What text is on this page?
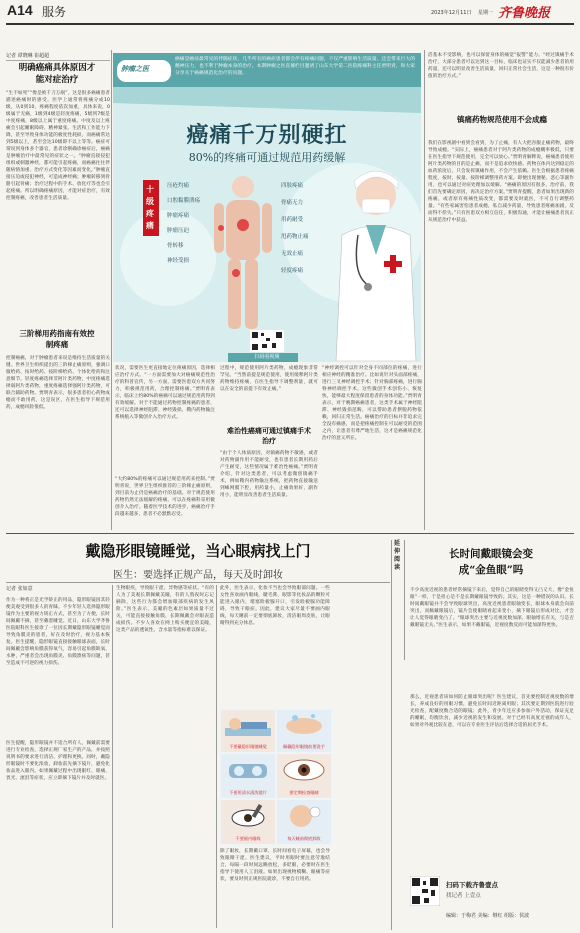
A14 服务	2023年12月11日 星期一 齐鲁晚报
记者 谭晓琳 崔超超
明确癌痛具体原因才能对症治疗
“生不如死”“像是被千刀万剐”，这是很多癌痛患者描述癌痛时的感受。医学上通常将疼痛分成10级，从0到10，疼痛程度依次加重，具体来说，0级属于无痛，1级到4级是轻度疼痛，5级到7级是中度疼痛，8级以上属于重度疼痛。中度及以上疼痛会引起睡眠障碍、精神紧张、生活和工作能力下降，甚至导致身体功能的极度性耗损，而癌痛常达到5级以上，甚至会达10级即不以上等等。癌症可谓说到身体多个器官，患者诊断确诊癌症后，癌痛是肿瘤治疗中最常见的症状之一。“肿瘤直接侵犯组织或刺激神经，都可能引起疼痛，而癌痛往往伴随病情加重、治疗方式变化等因素而变化。”肿瘤直接压迫或侵犯神经，可造成神经痛；肿瘤转移到骨骼引起骨痛；治疗过程中的手术、放化疗等也会引起疼痛。所以明确疼痛原因，才能对症治疗，有效控制疼痛，改善患者生活质量。
三阶梯用药指南有效控制疼痛
控制癌痛，对于肿瘤患者来说是维持生活质量的关键。世界卫生组织提出的三阶梯止痛原则，强调口服给药、按时给药、按阶梯给药、个体化给药和注意细节。轻度疼痛选择非阿片类药物，中度疼痛选择弱阿片类药物，重度疼痛选择强阿片类药物，可联合辅助药物。贾明青表示，很多患者担心药物成瘾而不敢用药，这是误区，在医生指导下规范用药，成瘾风险很低。
肿瘤之医
癌痛是癌症最常见的伴随症状，几乎所有的癌症患者都会伴有疼痛问题，不仅严重影响生活质量，还会带来巨大的精神压力，也不利于肿瘤本身的治疗。本期肿瘤之医直播栏目邀请了山东大学第二医院疼痛科主任贾明青，和大家分享关于癌痛规范化治疗的问题。
癌痛千万别硬扛
80%的疼痛可通过规范用药缓解
十级疼痛
压疮灼痛
口腔黏膜溃疡
肿瘤疼痛
肿瘤压迫
骨转移
神经受损
四肢疼痛
骨痛无力
用药耐受
甩药物止痛
无效止痛
轻度疼痛
扫码看视频
状况，需要医生更直接地定位疼痛原因，选择相应治疗方式。“一方面需要加大对癌痛规范性治疗的科普宣传，另一方面，需要医患双方共同努力，积极规范用药，合理控制疼痛。”贾明青表示，临床上约80%的癌痛可以通过规范用药得到有效缓解。对于不能通过药物控制疼痛的患者，还可以选择神经阻滞、神经毁损、鞘内药物输注系统植入等微创介入治疗方式。
“大约80%的疼痛可以通过规范用药来控制。”贾明青说，世界卫生组织推荐的三阶梯止痛原则，到目前为止仍是癌痛治疗的基础。对于规范使用药物仍然无法缓解的疼痛，可以在疼痛科采用微创介入治疗。随着医学技术的进步，癌痛治疗手段越来越多，患者不必默默忍受。
过程中，规范使用阿片类药物，成瘾现象非常罕见。“当然前提是规范使用，使用缓释阿片类药物维持疼痛，在医生指导下调整剂量，就可以在安全的前提下有效止痛。”
难治性癌痛可通过镇痛手术治疗
“由于个人体质原因，对镇痛药物不敏感，或者对药物副作用不能耐受，也有患者长期用药后产生耐受，这些情况属于难治性癌痛。”贾明青介绍，针对这类患者，可以考虑微创镇痛手术，例如鞘内药物输注系统，把药物直接输送到蛛网膜下腔，用药量小，止痛效果好，副作用小，能明显改善患者生活质量。
“神经调控可以针对全身不同部位的疼痛，进行相应神经的精准治疗。比如说针对头面部疼痛，进行三叉神经调控手术；针对胸部疼痛，进行胸脊神经调控手术。这些微创手术创伤小、恢复快，能够最大程度保留患者的身体功能。”贾明青表示，对于晚期癌痛患者，这类手术属于神经阻滞、神经毁损范畴，可以帮助患者摆脱药物依赖，回归正常生活。癌痛治疗的目标并非追求完全没有痛感，而是把疼痛控制在可以耐受的范围之内，让患者有尊严地生活，这才是癌痛规范化治疗的意义所在。
活基本不受影响，也可以保留身体的痛觉“报警”能力。“经过镇痛手术治疗，大部分患者可以达到这一目标，临床也证实不仅能减少患者的用药量，还可以明显改善生活质量，回归正常社会生活，这是一种很有价值的治疗方式。”
镇痛药物规范使用不会成瘾
我们在影视剧中看到会看到，为了止痛，有人大把吞服止痛药物，最终导致成瘾。“实际上，癌痛患者对于阿片类药物的成瘾概率极低，只要在医生指导下规范使用，完全可以放心。”贾明青解释说，癌痛患者使用阿片类药物的目的是止痛，而不是追求欣快感。药物在体内达到稳定的血药浓度后，只会发挥镇痛作用，不会产生依赖。医生会根据患者疼痛程度，按时、按量、按阶梯调整用药方案。即便出现便秘、恶心等副作用，也可以通过对症处理加以缓解。“癌痛的原因有很多，治疗前，我们首先要确定原因，再决定治疗方案。”贾明青提醒，患者如果出现新的疼痛，或者原有疼痛性质改变，都需要及时就医，不可自行调整药量。“有些家属害怕患者成瘾，私自减少药量，导致患者疼痛加剧，反而得不偿失。”只有医患双方相互信任，积极沟通，才能让癌痛患者真正从规范治疗中获益。
戴隐形眼镜睡觉，当心眼病找上门
医生：要选择正规产品，每天及时卸妆
记者 张如意
作为一种将正是光学矫正的用品，隐形眼镜因其轻便美观受到很多人的青睐。不少年轻人选择隐形眼镜作为主要的视力矫正方式，甚至为了方便，长时间佩戴不摘，甚至戴着睡觉。近日，山东大学齐鲁医院眼科医生接诊了一位因长期戴隐形眼镜睡觉而导致角膜炎的患者，好在及时治疗，视力基本恢复。医生提醒，隐形眼镜直接接触眼球表面，长时间佩戴会影响角膜获得氧气，容易引起角膜缺氧、水肿，严重者会出现角膜炎、角膜溃疡等问题，甚至造成不可逆的视力损伤。
医生提醒，隐形眼镜并不适合所有人，佩戴前需要进行专业检查，选择正规厂家生产的产品，并按照说明书的要求进行清洁、护理和更换。同时，戴隐形眼镜时不要化浓妆，卸妆前先摘下镜片，避免化妆品进入眼内。如果佩戴过程中出现眼红、眼痛、畏光、流泪等症状，应立即摘下镜片并及时就医。
生物眼疾，导致眼干涩、异物感等症状。“有的人为了美观长期佩戴美瞳，有的人熬夜时忘记摘除，这些行为都会增加眼部疾病的发生风险。”医生表示，美瞳的色素层如果质量不过关，可能直接接触角膜，长期佩戴会对眼表造成损伤。不少人喜欢在网上购买便宜的美瞳，这类产品的透氧性、含水量等指标难以保证。
此外，医生表示，化妆不当也会导致眼部问题。一些女性喜欢画内眼线，睫毛膏、眼影等化妆品的颗粒可能进入眼内，堵塞睑板腺开口，引发睑板腺功能障碍，导致干眼症。因此，建议大家尽量不要画内眼线，每天睡前一定要彻底卸妆，清洁眼周皮肤，让眼睛得到充分休息。
不要戴隐形眼镜睡觉	佩戴隐形眼镜前要洗手
不要用清水清洗镜片	要定期检查眼睛
不要画内眼线	每天睡前彻底卸妆
除了眼妆，长期戴口罩、长时间看电子屏幕，也会导致眼睛干涩。医生建议，平时用眼时要注意劳逸结合，每隔一段时间远眺放松，多眨眼，必要时在医生指导下使用人工泪液。如果出现视物模糊、眼痛等症状，要及时到正规医院就诊，不要自行用药。
延伸阅读
长时间戴眼镜会变成“金鱼眼”吗
不少高度近视的患者经常摘镜下来后，觉得自己的眼睛变得又凸又大，像“金鱼眼”一样，于是担心是不是长期戴眼镜导致的。其实，这是一种错误的认识。长时间戴眼镜并不会导致眼球突出，高度近视患者眼轴变长，眼球本身就会向前突出，而佩戴眼镜后，镜片会使眼睛看起来变小，摘下眼镜后形成对比，才会让人觉得眼睛变凸了。“眼球突出主要与近视度数加深、眼轴增长有关，与是否戴眼镜无关。”医生表示，如果不戴眼镜，近视度数反而可能加深得更快。
那么，近视患者该如何防止眼球突出呢？医生建议，首先要控制近视度数的增长，养成良好的用眼习惯，避免长时间近距离用眼；其次要定期到医院进行验光检查，配戴度数合适的眼镜；此外，青少年还应多参加户外活动，保证充足的睡眠，均衡饮食，减少近视的发生和发展。对于已经有高度近视的成年人，如果对外观比较在意，可以在专业医生评估后选择合适的屈光手术。
扫码下载齐鲁壹点
找记者 上壹点
编辑：于梅君 美编：继红 组版：侯波
